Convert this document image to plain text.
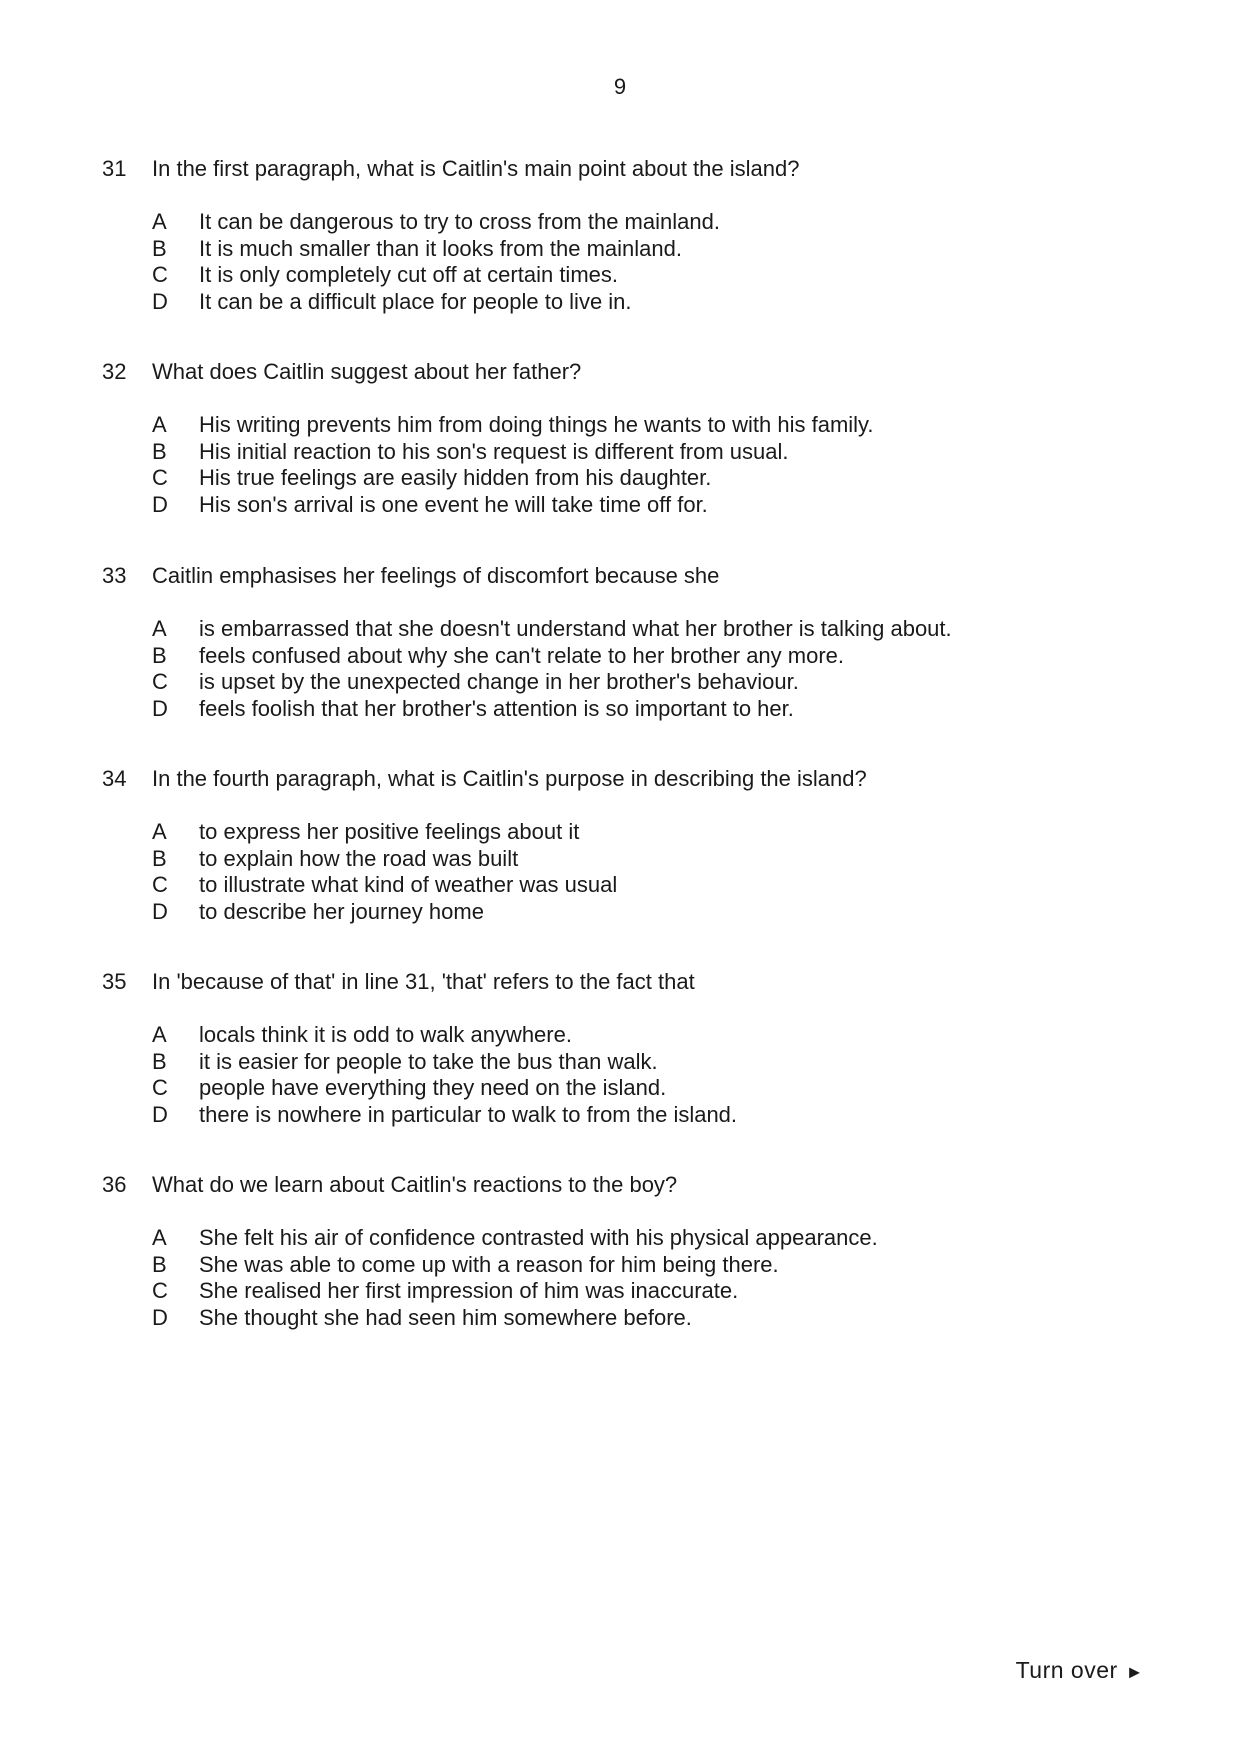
9
31 In the first paragraph, what is Caitlin's main point about the island?
A It can be dangerous to try to cross from the mainland.
B It is much smaller than it looks from the mainland.
C It is only completely cut off at certain times.
D It can be a difficult place for people to live in.
32 What does Caitlin suggest about her father?
A His writing prevents him from doing things he wants to with his family.
B His initial reaction to his son's request is different from usual.
C His true feelings are easily hidden from his daughter.
D His son's arrival is one event he will take time off for.
33 Caitlin emphasises her feelings of discomfort because she
A is embarrassed that she doesn't understand what her brother is talking about.
B feels confused about why she can't relate to her brother any more.
C is upset by the unexpected change in her brother's behaviour.
D feels foolish that her brother's attention is so important to her.
34 In the fourth paragraph, what is Caitlin's purpose in describing the island?
A to express her positive feelings about it
B to explain how the road was built
C to illustrate what kind of weather was usual
D to describe her journey home
35 In 'because of that' in line 31, 'that' refers to the fact that
A locals think it is odd to walk anywhere.
B it is easier for people to take the bus than walk.
C people have everything they need on the island.
D there is nowhere in particular to walk to from the island.
36 What do we learn about Caitlin's reactions to the boy?
A She felt his air of confidence contrasted with his physical appearance.
B She was able to come up with a reason for him being there.
C She realised her first impression of him was inaccurate.
D She thought she had seen him somewhere before.
Turn over ►
